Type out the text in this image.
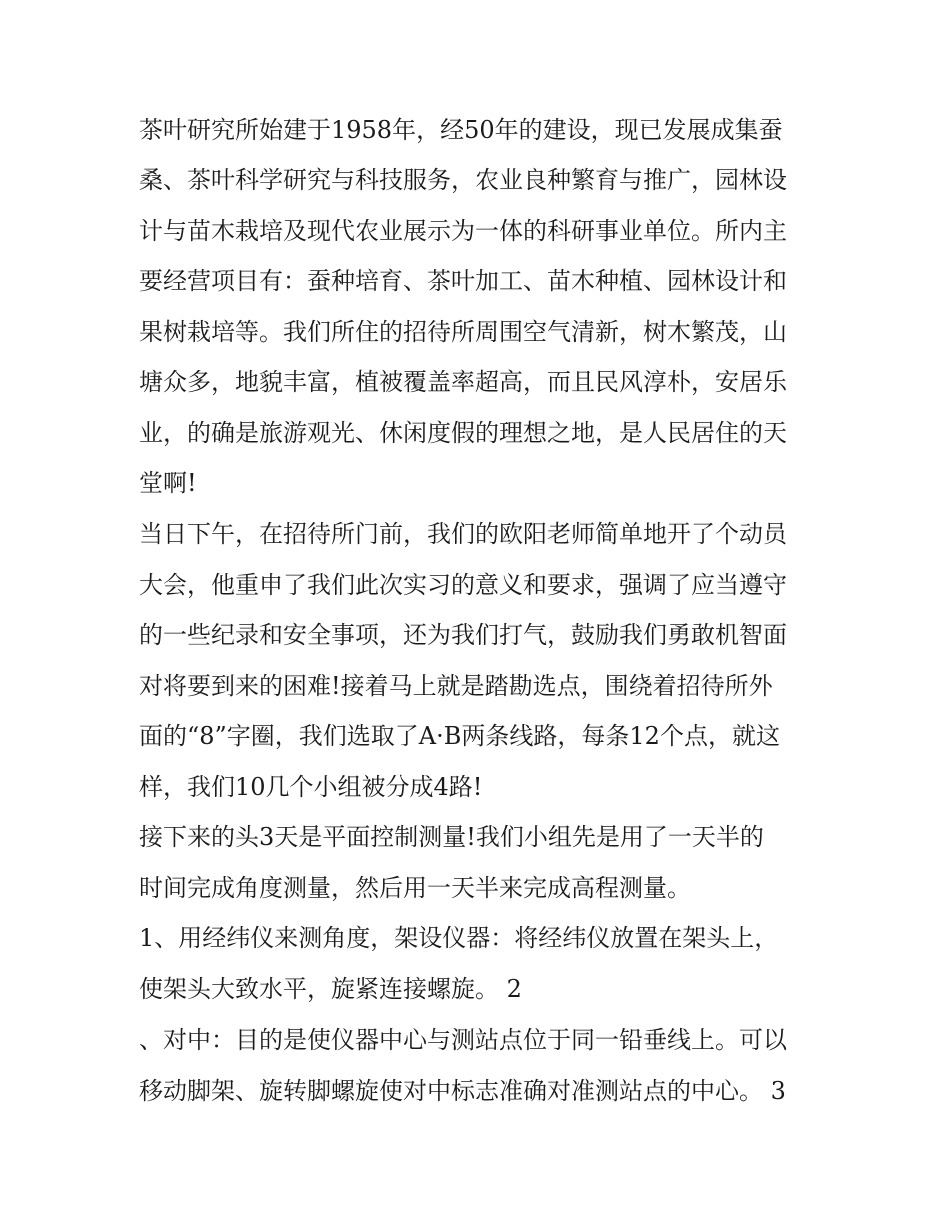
茶叶研究所始建于1958年，经50年的建设，现已发展成集蚕
桑、茶叶科学研究与科技服务，农业良种繁育与推广，园林设
计与苗木栽培及现代农业展示为一体的科研事业单位。所内主
要经营项目有：蚕种培育、茶叶加工、苗木种植、园林设计和
果树栽培等。我们所住的招待所周围空气清新，树木繁茂，山
塘众多，地貌丰富，植被覆盖率超高，而且民风淳朴，安居乐
业，的确是旅游观光、休闲度假的理想之地，是人民居住的天
堂啊!
当日下午，在招待所门前，我们的欧阳老师简单地开了个动员
大会，他重申了我们此次实习的意义和要求，强调了应当遵守
的一些纪录和安全事项，还为我们打气，鼓励我们勇敢机智面
对将要到来的困难!接着马上就是踏勘选点，围绕着招待所外
面的“8”字圈，我们选取了A·B两条线路，每条12个点，就这
样，我们10几个小组被分成4路!
接下来的头3天是平面控制测量!我们小组先是用了一天半的
时间完成角度测量，然后用一天半来完成高程测量。
1、用经纬仪来测角度，架设仪器：将经纬仪放置在架头上，
使架头大致水平，旋紧连接螺旋。 2
、对中：目的是使仪器中心与测站点位于同一铅垂线上。可以
移动脚架、旋转脚螺旋使对中标志准确对准测站点的中心。 3
